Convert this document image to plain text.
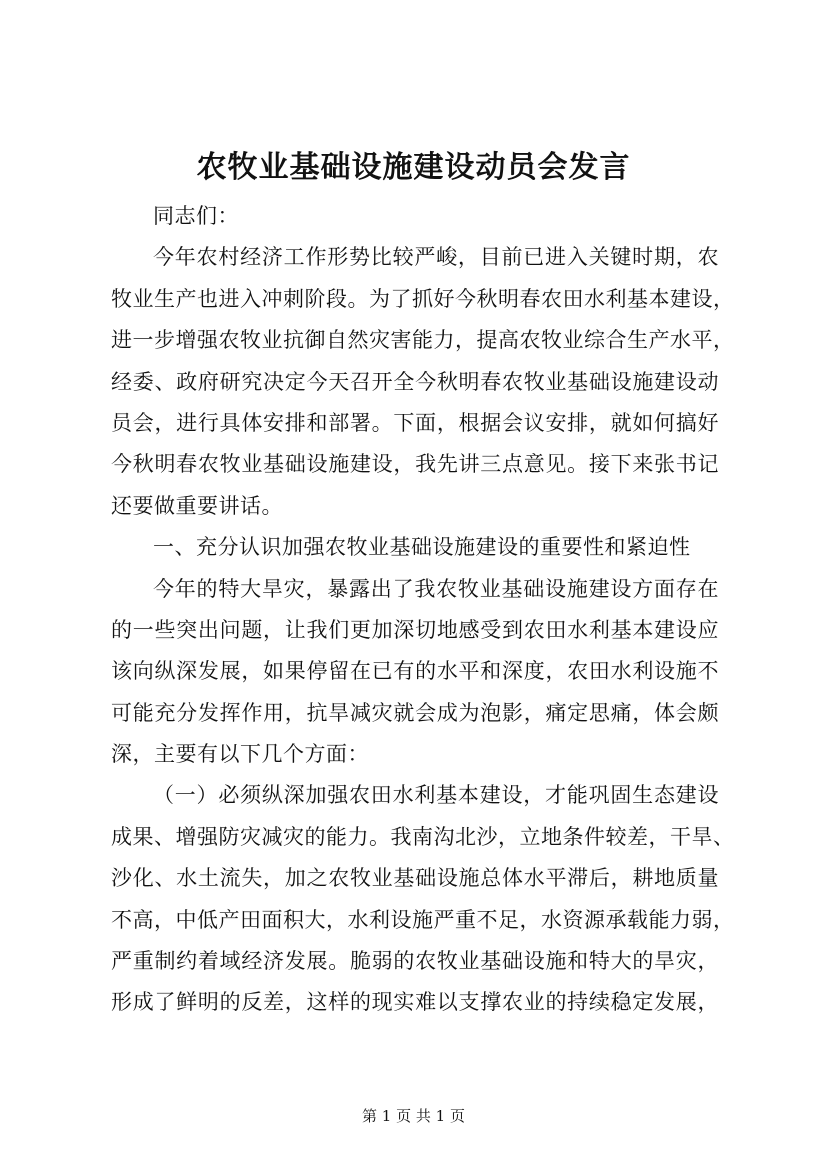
农牧业基础设施建设动员会发言
同志们：
今年农村经济工作形势比较严峻，目前已进入关键时期，农
牧业生产也进入冲刺阶段。为了抓好今秋明春农田水利基本建设，
进一步增强农牧业抗御自然灾害能力，提高农牧业综合生产水平，
经委、政府研究决定今天召开全今秋明春农牧业基础设施建设动
员会，进行具体安排和部署。下面，根据会议安排，就如何搞好
今秋明春农牧业基础设施建设，我先讲三点意见。接下来张书记
还要做重要讲话。
一、充分认识加强农牧业基础设施建设的重要性和紧迫性
今年的特大旱灾，暴露出了我农牧业基础设施建设方面存在
的一些突出问题，让我们更加深切地感受到农田水利基本建设应
该向纵深发展，如果停留在已有的水平和深度，农田水利设施不
可能充分发挥作用，抗旱减灾就会成为泡影，痛定思痛，体会颇
深，主要有以下几个方面：
（一）必须纵深加强农田水利基本建设，才能巩固生态建设
成果、增强防灾减灾的能力。我南沟北沙，立地条件较差，干旱、
沙化、水土流失，加之农牧业基础设施总体水平滞后，耕地质量
不高，中低产田面积大，水利设施严重不足，水资源承载能力弱，
严重制约着域经济发展。脆弱的农牧业基础设施和特大的旱灾，
形成了鲜明的反差，这样的现实难以支撑农业的持续稳定发展，
第 1 页 共 1 页
